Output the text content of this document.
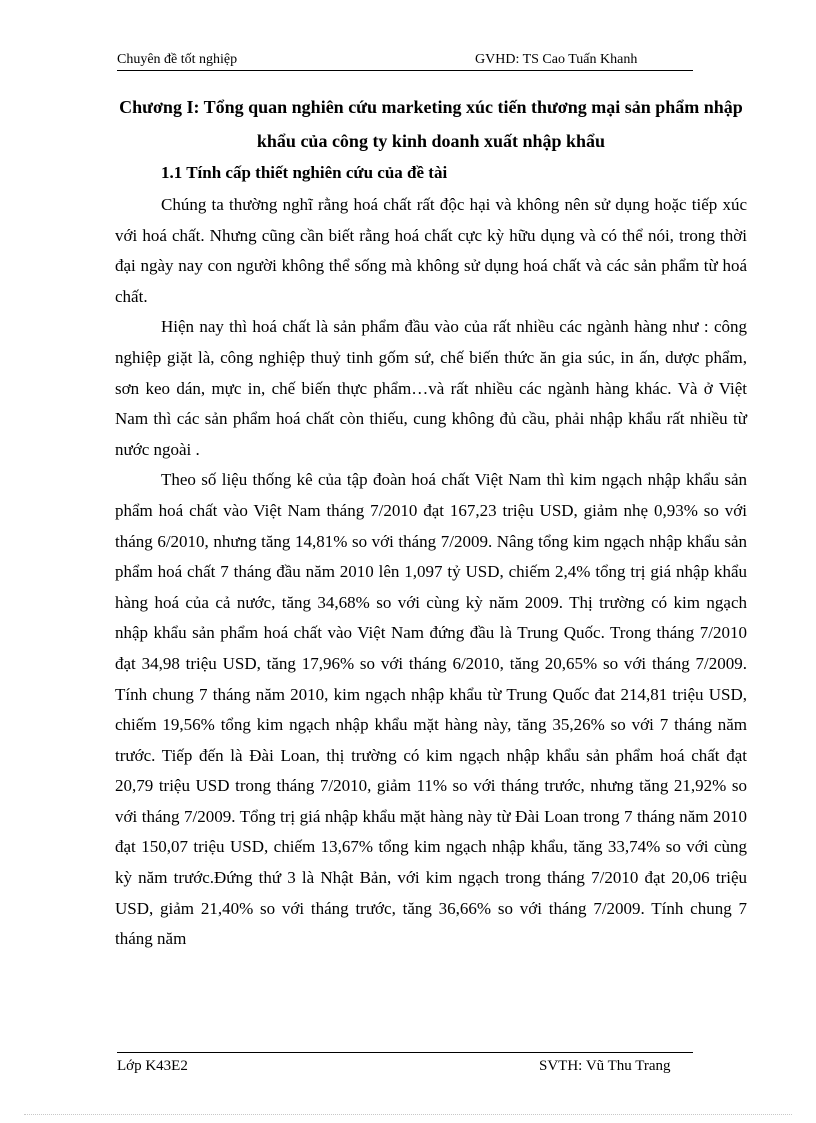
Chuyên đề tốt nghiệp	GVHD: TS Cao Tuấn Khanh
Chương I: Tổng quan nghiên cứu marketing xúc tiến thương mại sản phẩm nhập khẩu của công ty kinh doanh xuất nhập khẩu
1.1 Tính cấp thiết nghiên cứu của đề tài

Chúng ta thường nghĩ rằng hoá chất rất độc hại và không nên sử dụng hoặc tiếp xúc với hoá chất. Nhưng cũng cần biết rằng hoá chất cực kỳ hữu dụng và có thể nói, trong thời đại ngày nay con người không thể sống mà không sử dụng hoá chất và các sản phẩm từ hoá chất.

Hiện nay thì hoá chất là sản phẩm đầu vào của rất nhiều các ngành hàng như : công nghiệp giặt là, công nghiệp thuỷ tinh gốm sứ, chế biến thức ăn gia súc, in ấn, dược phẩm, sơn keo dán, mực in, chế biến thực phẩm…và rất nhiều các ngành hàng khác. Và ở Việt Nam thì các sản phẩm hoá chất còn thiếu, cung không đủ cầu, phải nhập khẩu rất nhiều từ nước ngoài .

Theo số liệu thống kê của tập đoàn hoá chất Việt Nam thì kim ngạch nhập khẩu sản phẩm hoá chất vào Việt Nam tháng 7/2010 đạt 167,23 triệu USD, giảm nhẹ 0,93% so với tháng 6/2010, nhưng tăng 14,81% so với tháng 7/2009. Nâng tổng kim ngạch nhập khẩu sản phẩm hoá chất 7 tháng đầu năm 2010 lên 1,097 tỷ USD, chiếm 2,4% tổng trị giá nhập khẩu hàng hoá của cả nước, tăng 34,68% so với cùng kỳ năm 2009. Thị trường có kim ngạch nhập khẩu sản phẩm hoá chất vào Việt Nam đứng đầu là Trung Quốc. Trong tháng 7/2010 đạt 34,98 triệu USD, tăng 17,96% so với tháng 6/2010, tăng 20,65% so với tháng 7/2009. Tính chung 7 tháng năm 2010, kim ngạch nhập khẩu từ Trung Quốc đat 214,81 triệu USD, chiếm 19,56% tổng kim ngạch nhập khẩu mặt hàng này, tăng 35,26% so với 7 tháng năm trước. Tiếp đến là Đài Loan, thị trường có kim ngạch nhập khẩu sản phẩm hoá chất đạt 20,79 triệu USD trong tháng 7/2010, giảm 11% so với tháng trước, nhưng tăng 21,92% so với tháng 7/2009. Tổng trị giá nhập khẩu mặt hàng này từ Đài Loan trong 7 tháng năm 2010 đạt 150,07 triệu USD, chiếm 13,67% tổng kim ngạch nhập khẩu, tăng 33,74% so với cùng kỳ năm trước.Đứng thứ 3 là Nhật Bản, với kim ngạch trong tháng 7/2010 đạt 20,06 triệu USD, giảm 21,40% so với tháng trước, tăng 36,66% so với tháng 7/2009. Tính chung 7 tháng năm

Lớp K43E2	SVTH: Vũ Thu Trang
